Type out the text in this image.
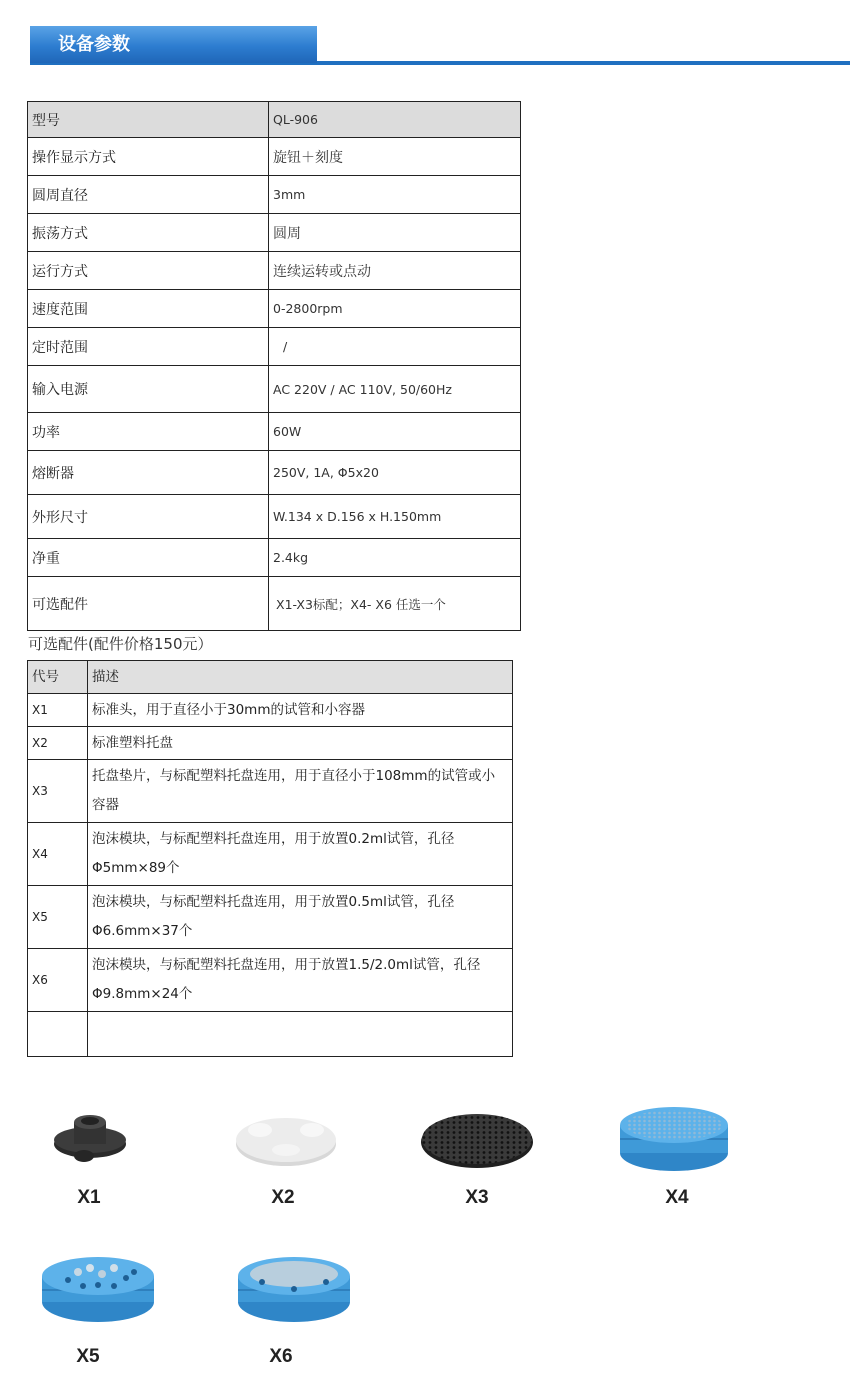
设备参数
型号	QL-906
操作显示方式	旋钮＋刻度
圆周直径	3mm
振荡方式	圆周
运行方式	连续运转或点动
速度范围	0-2800rpm
定时范围	/
输入电源	AC 220V / AC 110V, 50/60Hz
功率	60W
熔断器	250V, 1A, Φ5x20
外形尺寸	W.134 x D.156 x H.150mm
净重	2.4kg
可选配件	X1-X3标配；X4- X6 任选一个
可选配件(配件价格150元）
代号	描述
X1	标准头，用于直径小于30mm的试管和小容器
X2	标准塑料托盘
X3	托盘垫片，与标配塑料托盘连用，用于直径小于108mm的试管或小容器
X4	泡沫模块，与标配塑料托盘连用，用于放置0.2ml试管，孔径Φ5mm×89个
X5	泡沫模块，与标配塑料托盘连用，用于放置0.5ml试管，孔径Φ6.6mm×37个
X6	泡沫模块，与标配塑料托盘连用，用于放置1.5/2.0ml试管，孔径Φ9.8mm×24个

X1	X2	X3	X4
X5	X6
